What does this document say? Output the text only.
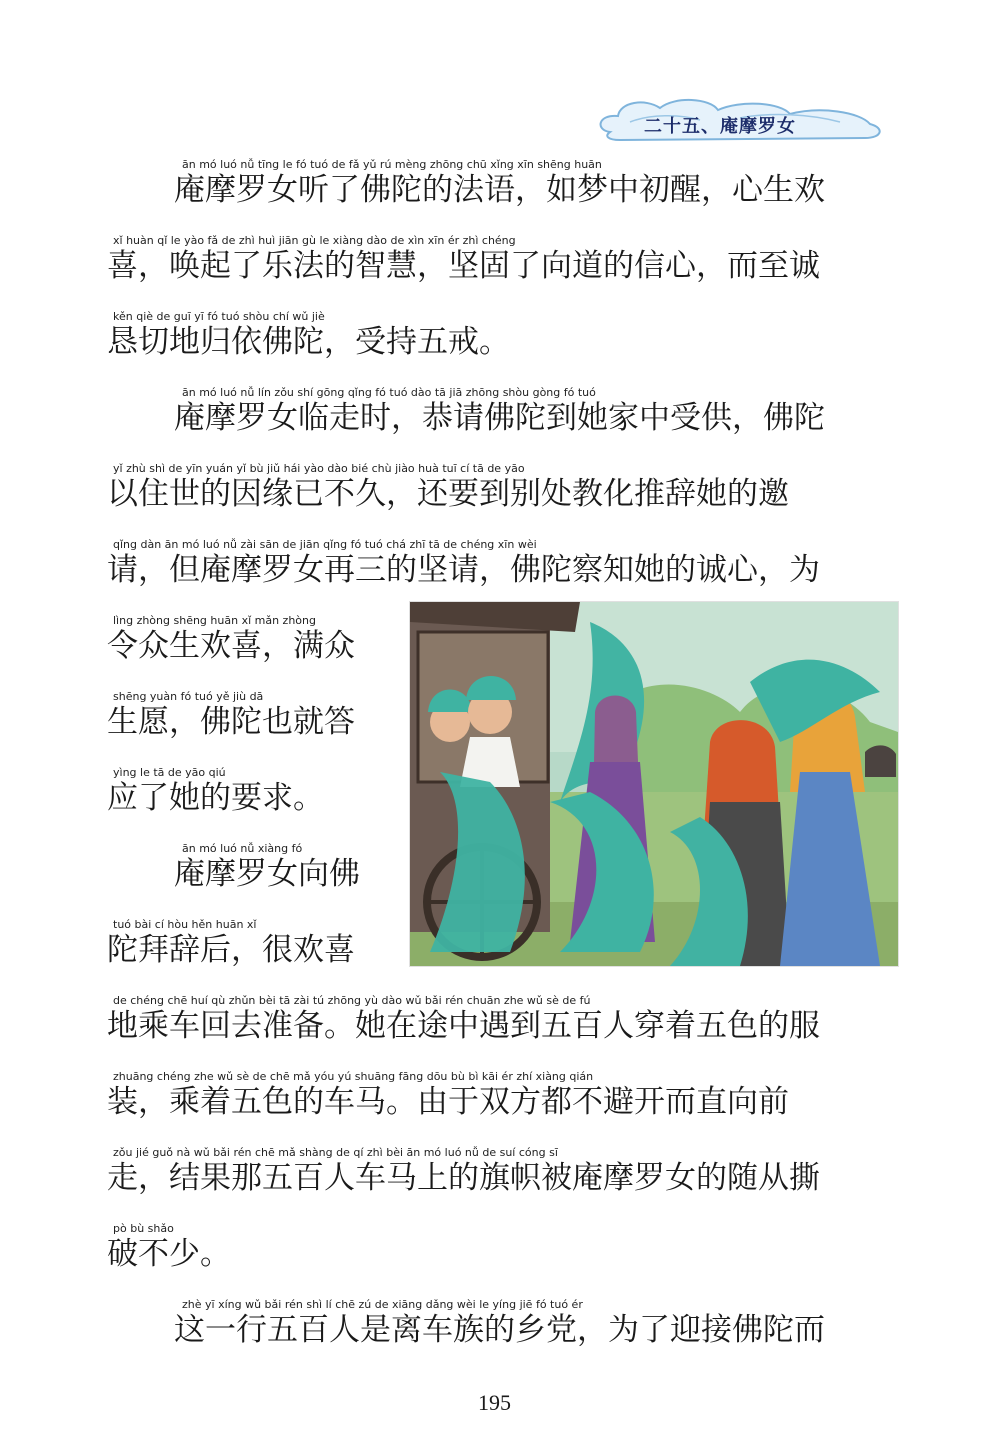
二十五、庵摩罗女
ān mó luó nǚ tīng le fó tuó de fǎ yǔ rú mèng zhōng chū xǐng xīn shēng huān
庵摩罗女听了佛陀的法语，如梦中初醒，心生欢
xǐ huàn qǐ le yào fǎ de zhì huì jiān gù le xiàng dào de xìn xīn ér zhì chéng
喜，唤起了乐法的智慧，坚固了向道的信心，而至诚
kěn qiè de guī yī fó tuó shòu chí wǔ jiè
恳切地归依佛陀，受持五戒。
ān mó luó nǚ lín zǒu shí gōng qǐng fó tuó dào tā jiā zhōng shòu gòng fó tuó
庵摩罗女临走时，恭请佛陀到她家中受供，佛陀
yǐ zhù shì de yīn yuán yǐ bù jiǔ hái yào dào bié chù jiào huà tuī cí tā de yāo
以住世的因缘已不久，还要到别处教化推辞她的邀
qǐng dàn ān mó luó nǚ zài sān de jiān qǐng fó tuó chá zhī tā de chéng xīn wèi
请，但庵摩罗女再三的坚请，佛陀察知她的诚心，为
lìng zhòng shēng huān xǐ mǎn zhòng
令众生欢喜，满众
shēng yuàn fó tuó yě jiù dā
生愿，佛陀也就答
yìng le tā de yāo qiú
应了她的要求。
ān mó luó nǚ xiàng fó
庵摩罗女向佛
tuó bài cí hòu hěn huān xǐ
陀拜辞后，很欢喜
de chéng chē huí qù zhǔn bèi tā zài tú zhōng yù dào wǔ bǎi rén chuān zhe wǔ sè de fú
地乘车回去准备。她在途中遇到五百人穿着五色的服
zhuāng chéng zhe wǔ sè de chē mǎ yóu yú shuāng fāng dōu bù bì kāi ér zhí xiàng qián
装，乘着五色的车马。由于双方都不避开而直向前
zǒu jié guǒ nà wǔ bǎi rén chē mǎ shàng de qí zhì bèi ān mó luó nǚ de suí cóng sī
走，结果那五百人车马上的旗帜被庵摩罗女的随从撕
pò bù shǎo
破不少。
zhè yī xíng wǔ bǎi rén shì lí chē zú de xiāng dǎng wèi le yíng jiē fó tuó ér
这一行五百人是离车族的乡党，为了迎接佛陀而
195
